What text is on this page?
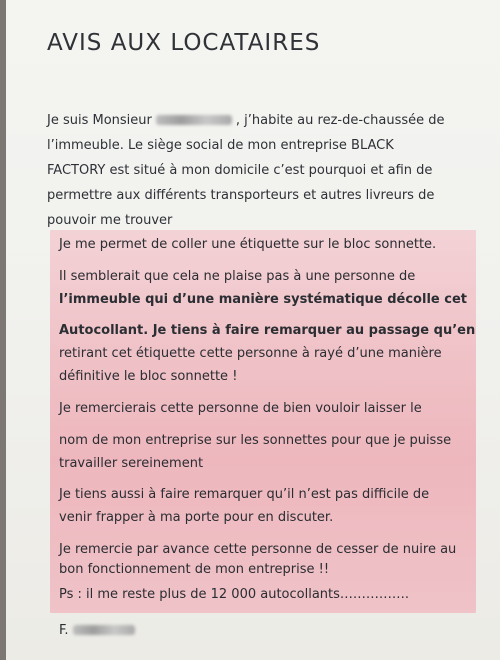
AVIS AUX LOCATAIRES
Je suis Monsieur	, j’habite au rez-de-chaussée de
l’immeuble. Le siège social de mon entreprise BLACK
FACTORY est situé à mon domicile c’est pourquoi et afin de
permettre aux différents transporteurs et autres livreurs de
pouvoir me trouver
Je me permet de coller une étiquette sur le bloc sonnette.
Il semblerait que cela ne plaise pas à une personne de
l’immeuble qui d’une manière systématique décolle cet
Autocollant. Je tiens à faire remarquer au passage qu’en
retirant cet étiquette cette personne à rayé d’une manière
définitive le bloc sonnette !
Je remercierais cette personne de bien vouloir laisser le
nom de mon entreprise sur les sonnettes pour que je puisse
travailler sereinement
Je tiens aussi à faire remarquer qu’il n’est pas difficile de
venir frapper à ma porte pour en discuter.
Je remercie par avance cette personne de cesser de nuire au
bon fonctionnement de mon entreprise !!
Ps : il me reste plus de 12 000 autocollants…………….
F.
